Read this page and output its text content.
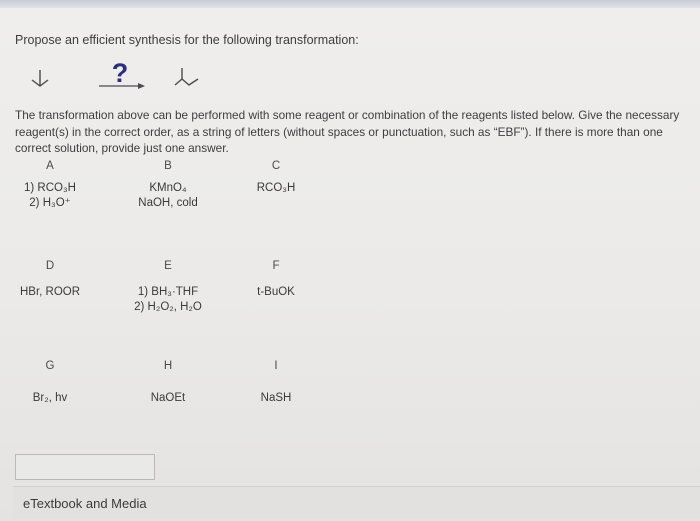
Propose an efficient synthesis for the following transformation:

?

The transformation above can be performed with some reagent or combination of the reagents listed below. Give the necessary reagent(s) in the correct order, as a string of letters (without spaces or punctuation, such as “EBF”). If there is more than one correct solution, provide just one answer.

A
1) RCO₃H
2) H₃O⁺
B
KMnO₄
NaOH, cold
C
RCO₃H
D
HBr, ROOR
E
1) BH₃·THF
2) H₂O₂, H₂O
F
t-BuOK
G
Br₂, hv
H
NaOEt
I
NaSH
eTextbook and Media
